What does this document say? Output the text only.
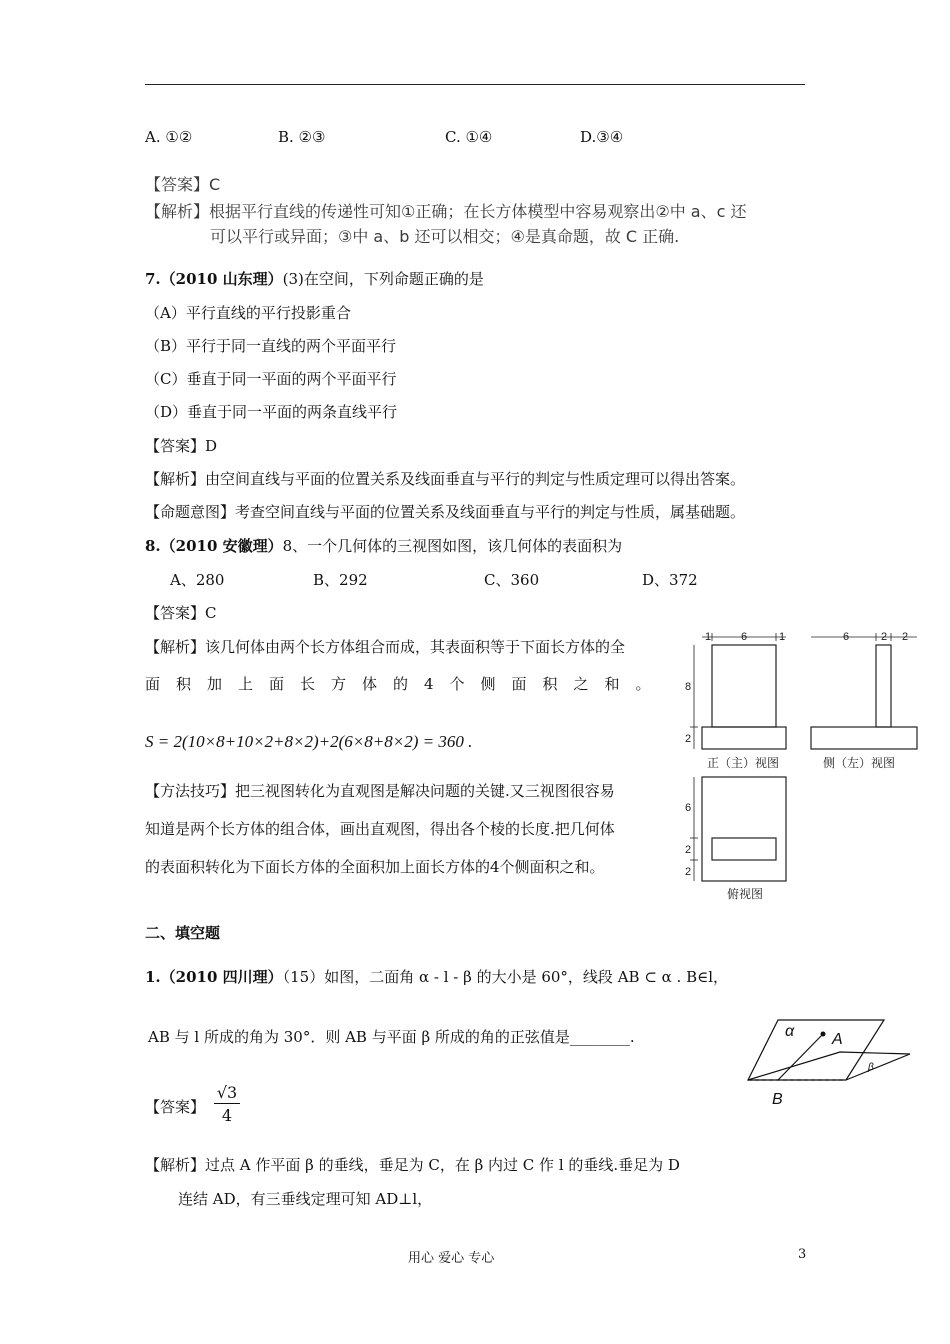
A. ①②	B. ②③	C. ①④	D.③④
【答案】C
【解析】根据平行直线的传递性可知①正确；在长方体模型中容易观察出②中 a、c 还
可以平行或异面；③中 a、b 还可以相交；④是真命题，故 C 正确.
7.（2010 山东理）(3)在空间，下列命题正确的是
（A）平行直线的平行投影重合
（B）平行于同一直线的两个平面平行
（C）垂直于同一平面的两个平面平行
（D）垂直于同一平面的两条直线平行
【答案】D
【解析】由空间直线与平面的位置关系及线面垂直与平行的判定与性质定理可以得出答案。
【命题意图】考查空间直线与平面的位置关系及线面垂直与平行的判定与性质，属基础题。
8.（2010 安徽理）8、一个几何体的三视图如图，该几何体的表面积为
A、280	B、292	C、360	D、372
【答案】C
【解析】该几何体由两个长方体组合而成，其表面积等于下面长方体的全
面积加上面长方体的4个侧面积之和。
S = 2(10×8+10×2+8×2)+2(6×8+8×2) = 360 .
【方法技巧】把三视图转化为直观图是解决问题的关键.又三视图很容易
知道是两个长方体的组合体，画出直观图，得出各个棱的长度.把几何体
的表面积转化为下面长方体的全面积加上面长方体的4个侧面积之和。
1	6	1	6	2 2
8
2
6
2
2
正（主）视图	侧（左）视图
俯视图
二、填空题
1.（2010 四川理）（15）如图，二面角 α - l - β 的大小是 60°，线段 AB ⊂ α . B∈l，
AB 与 l 所成的角为 30°．则 AB 与平面 β 所成的角的正弦值是________.
【答案】 $\frac{√3}{4}$
【解析】过点 A 作平面 β 的垂线，垂足为 C，在 β 内过 C 作 l 的垂线.垂足为 D
连结 AD，有三垂线定理可知 AD⊥l，
α
β
A
B
用心 爱心 专心	3
